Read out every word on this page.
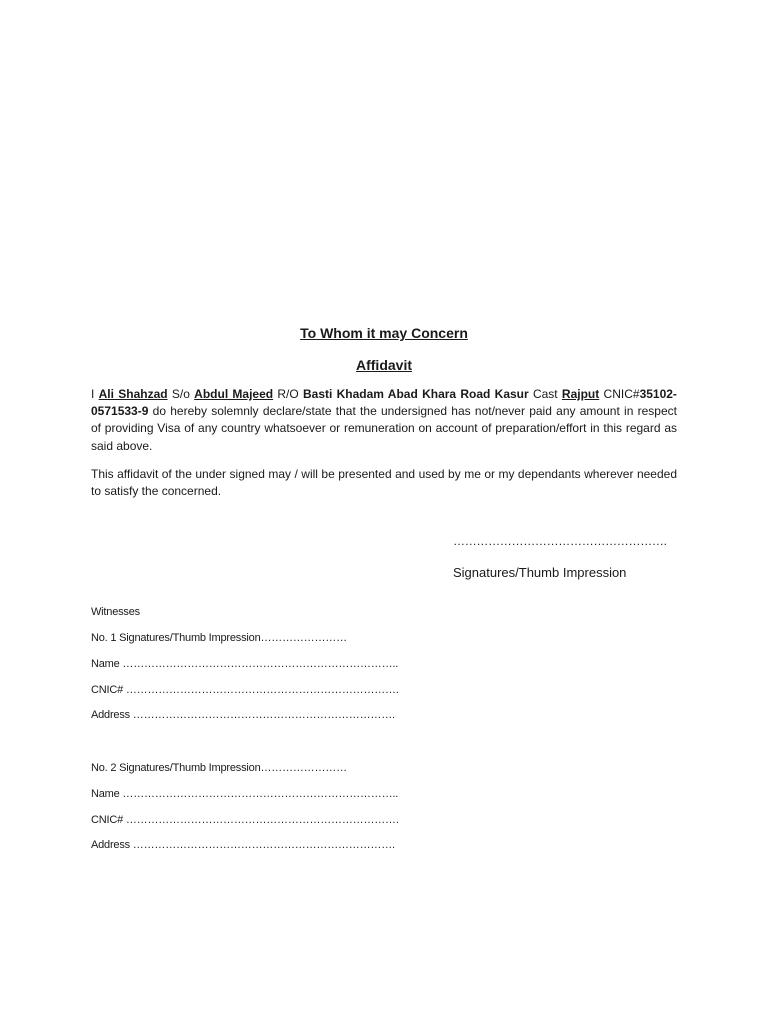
To Whom it may Concern
Affidavit
I Ali Shahzad S/o Abdul Majeed R/O Basti Khadam Abad Khara Road Kasur Cast Rajput CNIC#35102-0571533-9 do hereby solemnly declare/state that the undersigned has not/never paid any amount in respect of providing Visa of any country whatsoever or remuneration on account of preparation/effort in this regard as said above.
This affidavit of the under signed may / will be presented and used by me or my dependants wherever needed to satisfy the concerned.
……………………………………………….
Signatures/Thumb Impression
Witnesses
No. 1 Signatures/Thumb Impression……………………
Name …………………………………………………………………..
CNIC# ………………………………………………………………….
Address ……………………………………………………………….
No. 2 Signatures/Thumb Impression……………………
Name …………………………………………………………………..
CNIC# ………………………………………………………………….
Address ……………………………………………………………….
